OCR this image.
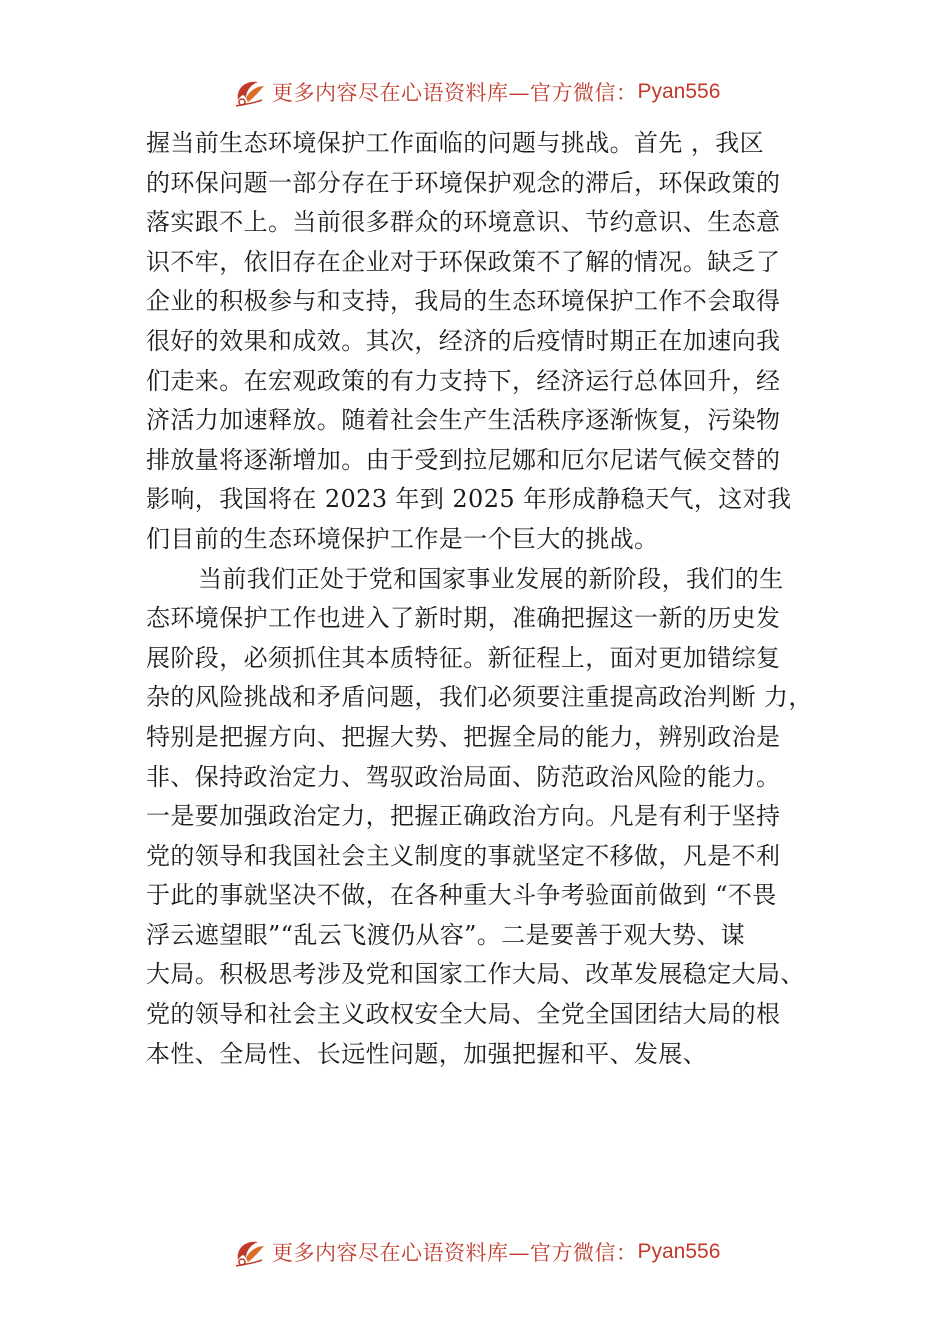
更多内容尽在心语资料库—官方微信： Pyan556
握当前生态环境保护工作面临的问题与挑战。首先 ，我区
的环保问题一部分存在于环境保护观念的滞后，环保政策的
落实跟不上。当前很多群众的环境意识、节约意识、生态意
识不牢，依旧存在企业对于环保政策不了解的情况。缺乏了
企业的积极参与和支持，我局的生态环境保护工作不会取得
很好的效果和成效。其次，经济的后疫情时期正在加速向我
们走来。在宏观政策的有力支持下，经济运行总体回升，经
济活力加速释放。随着社会生产生活秩序逐渐恢复，污染物
排放量将逐渐增加。由于受到拉尼娜和厄尔尼诺气候交替的
影响，我国将在 2023 年到 2025 年形成静稳天气，这对我
们目前的生态环境保护工作是一个巨大的挑战。
当前我们正处于党和国家事业发展的新阶段，我们的生
态环境保护工作也进入了新时期，准确把握这一新的历史发
展阶段，必须抓住其本质特征。新征程上，面对更加错综复
杂的风险挑战和矛盾问题，我们必须要注重提高政治判断 力，
特别是把握方向、把握大势、把握全局的能力，辨别政治是
非、保持政治定力、驾驭政治局面、防范政治风险的能力。
一是要加强政治定力，把握正确政治方向。凡是有利于坚持
党的领导和我国社会主义制度的事就坚定不移做，凡是不利
于此的事就坚决不做，在各种重大斗争考验面前做到 “不畏
浮云遮望眼”“乱云飞渡仍从容”。二是要善于观大势、谋
大局。积极思考涉及党和国家工作大局、改革发展稳定大局、
党的领导和社会主义政权安全大局、全党全国团结大局的根
本性、全局性、长远性问题，加强把握和平、发展、
更多内容尽在心语资料库—官方微信： Pyan556
